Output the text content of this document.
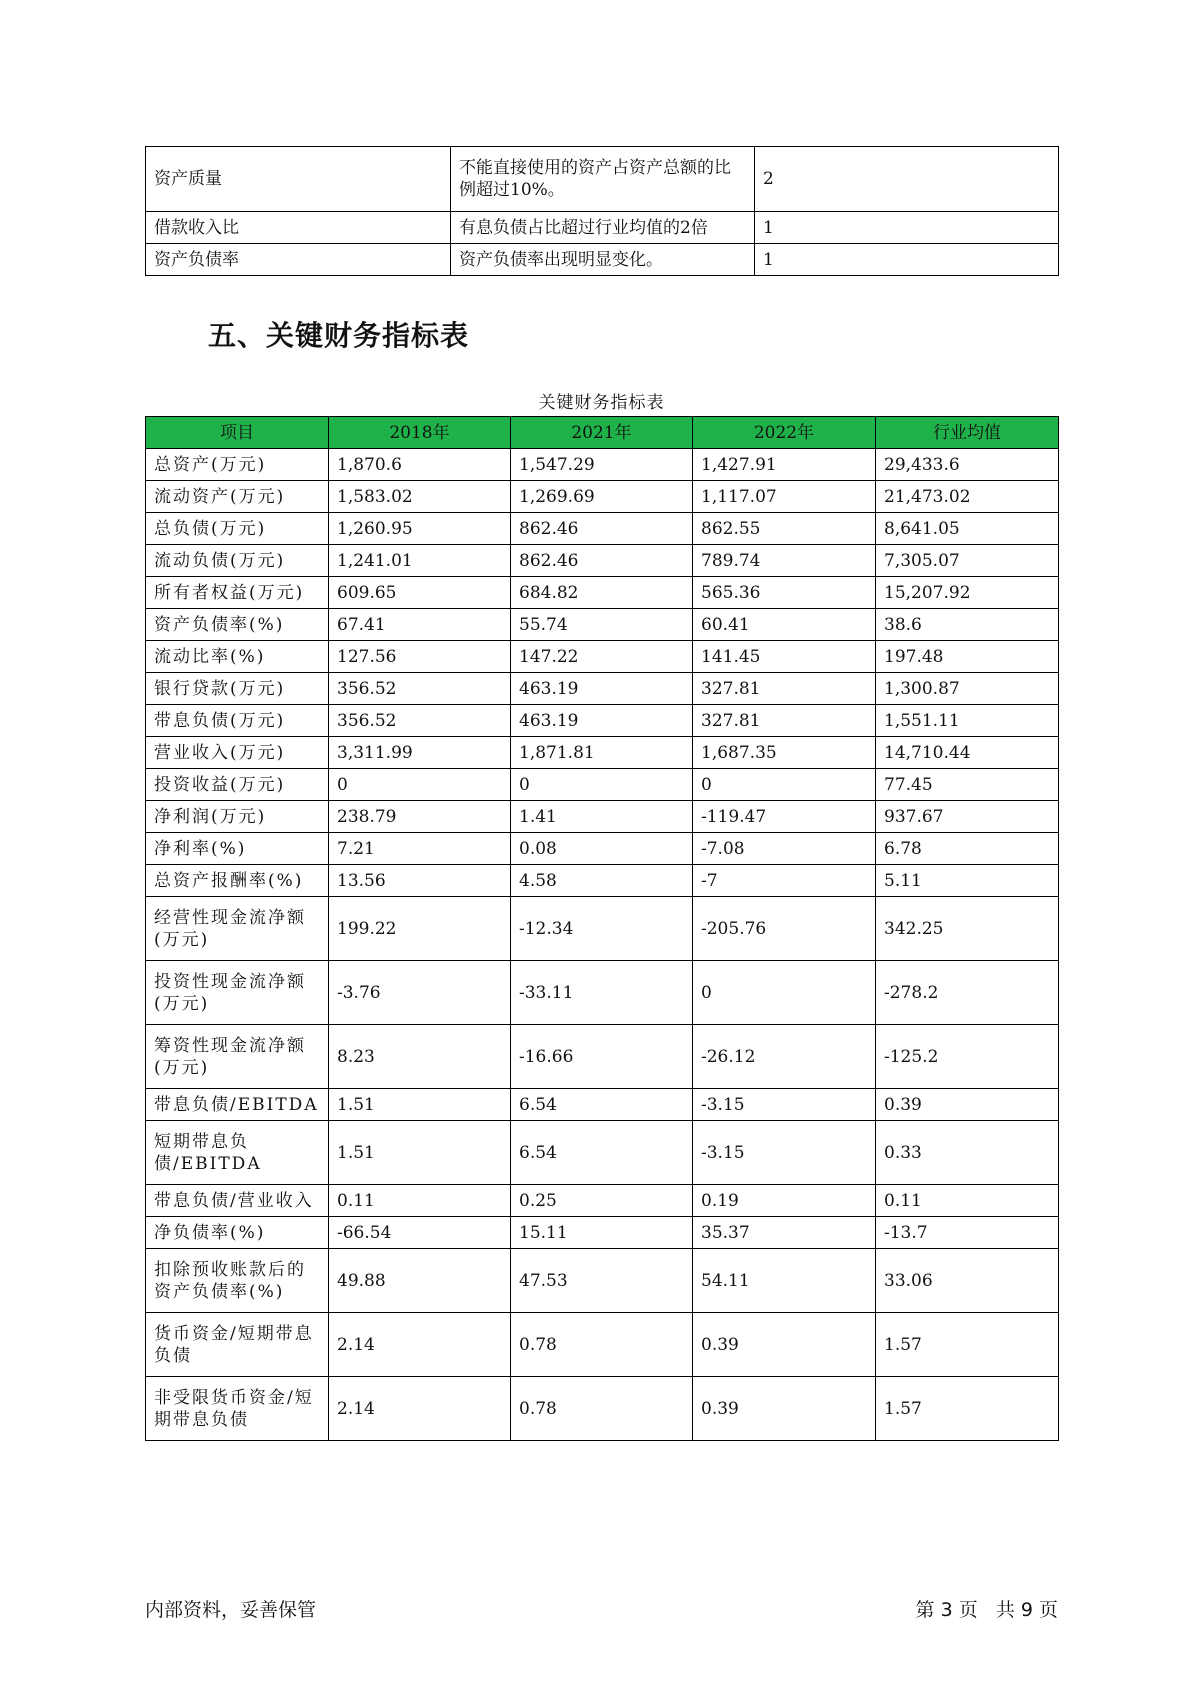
资产质量	不能直接使用的资产占资产总额的比例超过10%。	2
借款收入比	有息负债占比超过行业均值的2倍	1
资产负债率	资产负债率出现明显变化。	1
五、关键财务指标表
关键财务指标表
项目	2018年	2021年	2022年	行业均值
总资产(万元)	1,870.6	1,547.29	1,427.91	29,433.6
流动资产(万元)	1,583.02	1,269.69	1,117.07	21,473.02
总负债(万元)	1,260.95	862.46	862.55	8,641.05
流动负债(万元)	1,241.01	862.46	789.74	7,305.07
所有者权益(万元)	609.65	684.82	565.36	15,207.92
资产负债率(%)	67.41	55.74	60.41	38.6
流动比率(%)	127.56	147.22	141.45	197.48
银行贷款(万元)	356.52	463.19	327.81	1,300.87
带息负债(万元)	356.52	463.19	327.81	1,551.11
营业收入(万元)	3,311.99	1,871.81	1,687.35	14,710.44
投资收益(万元)	0	0	0	77.45
净利润(万元)	238.79	1.41	-119.47	937.67
净利率(%)	7.21	0.08	-7.08	6.78
总资产报酬率(%)	13.56	4.58	-7	5.11
经营性现金流净额(万元)	199.22	-12.34	-205.76	342.25
投资性现金流净额(万元)	-3.76	-33.11	0	-278.2
筹资性现金流净额(万元)	8.23	-16.66	-26.12	-125.2
带息负债/EBITDA	1.51	6.54	-3.15	0.39
短期带息负债/EBITDA	1.51	6.54	-3.15	0.33
带息负债/营业收入	0.11	0.25	0.19	0.11
净负债率(%)	-66.54	15.11	35.37	-13.7
扣除预收账款后的资产负债率(%)	49.88	47.53	54.11	33.06
货币资金/短期带息负债	2.14	0.78	0.39	1.57
非受限货币资金/短期带息负债	2.14	0.78	0.39	1.57
内部资料，妥善保管	第 3 页   共 9 页
